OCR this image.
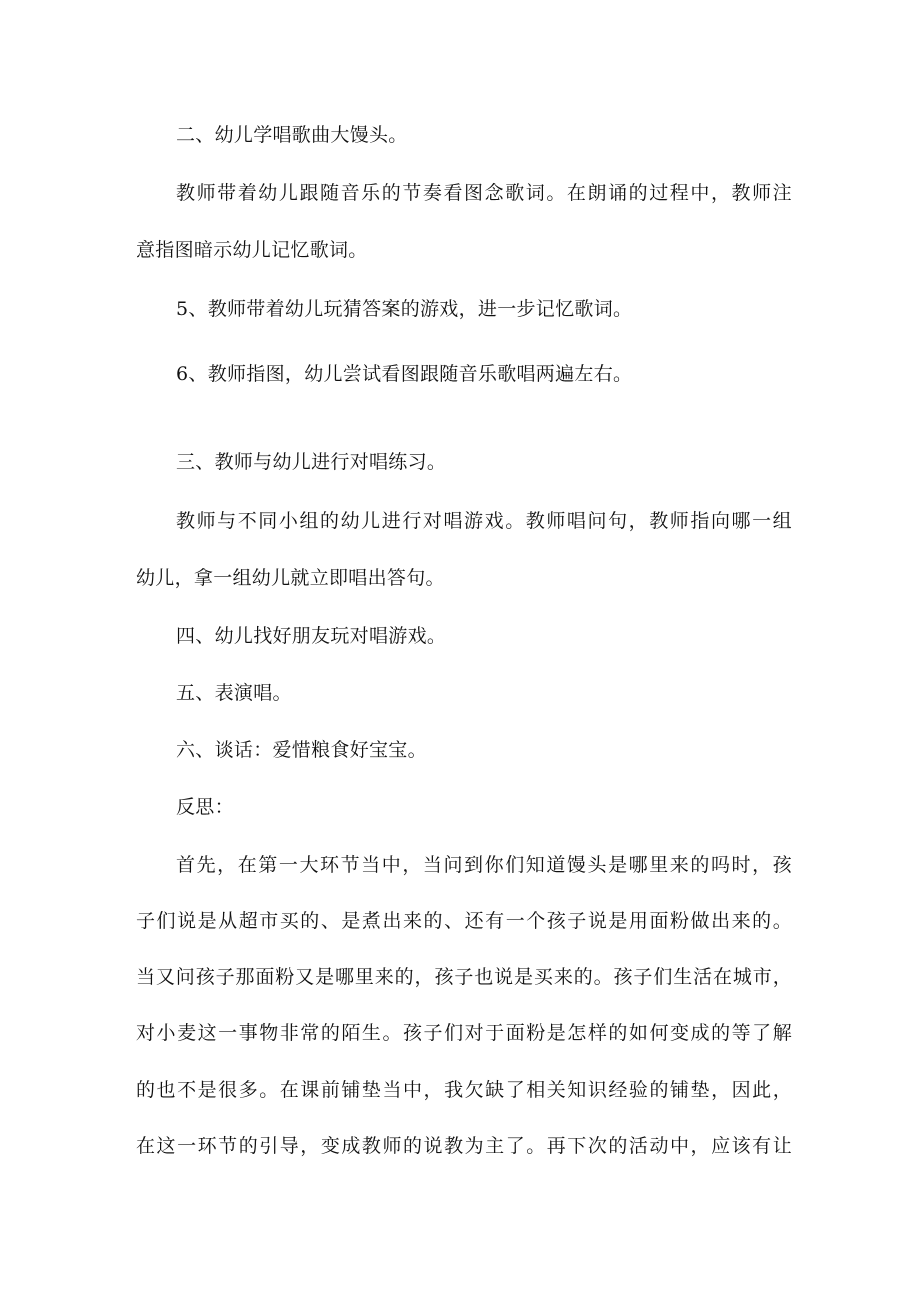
二、幼儿学唱歌曲大馒头。
教师带着幼儿跟随音乐的节奏看图念歌词。在朗诵的过程中，教师注
意指图暗示幼儿记忆歌词。
5、教师带着幼儿玩猜答案的游戏，进一步记忆歌词。
6、教师指图，幼儿尝试看图跟随音乐歌唱两遍左右。
三、教师与幼儿进行对唱练习。
教师与不同小组的幼儿进行对唱游戏。教师唱问句，教师指向哪一组
幼儿，拿一组幼儿就立即唱出答句。
四、幼儿找好朋友玩对唱游戏。
五、表演唱。
六、谈话：爱惜粮食好宝宝。
反思：
首先，在第一大环节当中，当问到你们知道馒头是哪里来的吗时，孩
子们说是从超市买的、是煮出来的、还有一个孩子说是用面粉做出来的。
当又问孩子那面粉又是哪里来的，孩子也说是买来的。孩子们生活在城市，
对小麦这一事物非常的陌生。孩子们对于面粉是怎样的如何变成的等了解
的也不是很多。在课前铺垫当中，我欠缺了相关知识经验的铺垫，因此，
在这一环节的引导，变成教师的说教为主了。再下次的活动中，应该有让
